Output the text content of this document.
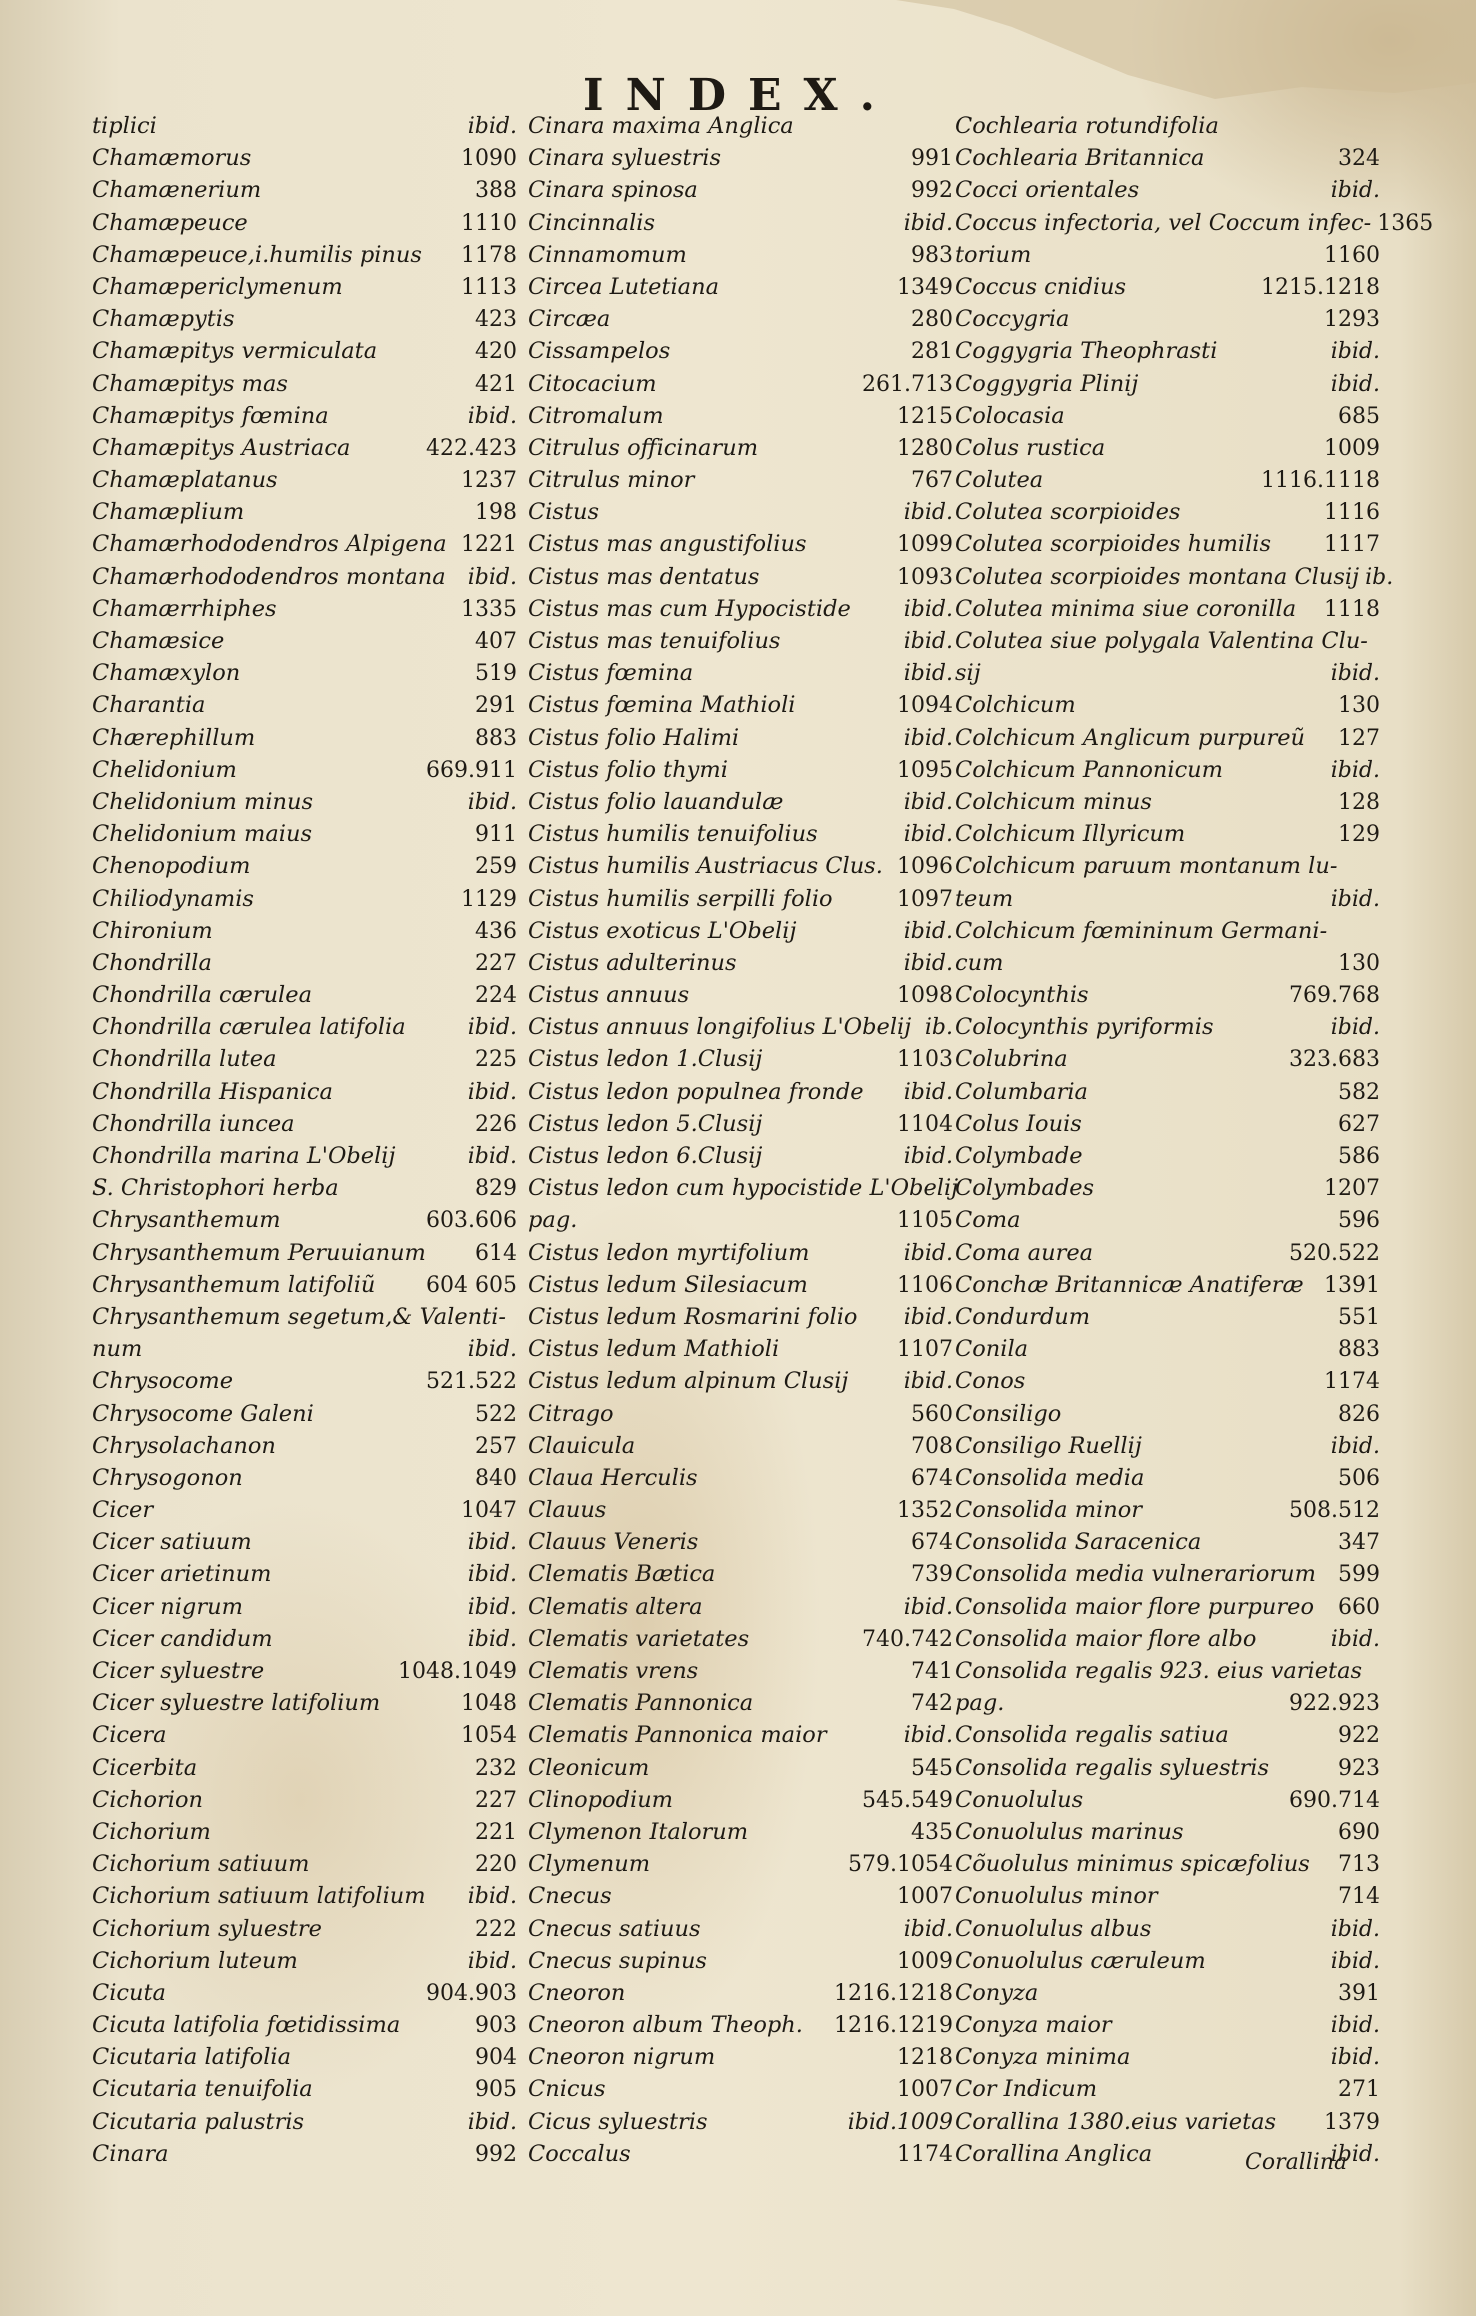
INDEX.
tiplici	ibid.
Chamæmorus	1090
Chamænerium	388
Chamæpeuce	1110
Chamæpeuce,i.humilis pinus 1178
Chamæpericlymenum	1113
Chamæpytis	423
Chamæpitys vermiculata	420
Chamæpitys mas	421
Chamæpitys fœmina	ibid.
Chamæpitys Austriaca	422.423
Chamæplatanus	1237
Chamæplium	198
Chamærhododendros Alpigena 1221
Chamærhododendros montana ibid.
Chamærrhiphes	1335
Chamæsice	407
Chamæxylon	519
Charantia	291
Chærephillum	883
Chelidonium	669.911
Chelidonium minus	ibid.
Chelidonium maius	911
Chenopodium	259
Chiliodynamis	1129
Chironium	436
Chondrilla	227
Chondrilla cærulea	224
Chondrilla cærulea latifolia	ibid.
Chondrilla lutea	225
Chondrilla Hispanica	ibid.
Chondrilla iuncea	226
Chondrilla marina L'Obelij	ibid.
S. Christophori herba	829
Chrysanthemum	603.606
Chrysanthemum Peruuianum 614
Chrysanthemum latifoliũ 604 605
Chrysanthemum segetum,& Valenti-
num	ibid.
Chrysocome	521.522
Chrysocome Galeni	522
Chrysolachanon	257
Chrysogonon	840
Cicer	1047
Cicer satiuum	ibid.
Cicer arietinum	ibid.
Cicer nigrum	ibid.
Cicer candidum	ibid.
Cicer syluestre	1048.1049
Cicer syluestre latifolium	1048
Cicera	1054
Cicerbita	232
Cichorion	227
Cichorium	221
Cichorium satiuum	220
Cichorium satiuum latifolium ibid.
Cichorium syluestre	222
Cichorium luteum	ibid.
Cicuta	904.903
Cicuta latifolia fœtidissima	903
Cicutaria latifolia	904
Cicutaria tenuifolia	905
Cicutaria palustris	ibid.
Cinara	992
Cinara maxima Anglica
Cinara syluestris	991
Cinara spinosa	992
Cincinnalis	ibid.
Cinnamomum	983
Circea Lutetiana	1349
Circæa	280
Cissampelos	281
Citocacium	261.713
Citromalum	1215
Citrulus officinarum	1280
Citrulus minor	767
Cistus	ibid.
Cistus mas angustifolius	1099
Cistus mas dentatus	1093
Cistus mas cum Hypocistide ibid.
Cistus mas tenuifolius	ibid.
Cistus fœmina	ibid.
Cistus fœmina Mathioli	1094
Cistus folio Halimi	ibid.
Cistus folio thymi	1095
Cistus folio lauandulæ	ibid.
Cistus humilis tenuifolius	ibid.
Cistus humilis Austriacus Clus. 1096
Cistus humilis serpilli folio	1097
Cistus exoticus L'Obelij	ibid.
Cistus adulterinus	ibid.
Cistus annuus	1098
Cistus annuus longifolius L'Obelij ib.
Cistus ledon 1.Clusij	1103
Cistus ledon populnea fronde ibid.
Cistus ledon 5.Clusij	1104
Cistus ledon 6.Clusij	ibid.
Cistus ledon cum hypocistide L'Obelij
pag.	1105
Cistus ledon myrtifolium	ibid.
Cistus ledum Silesiacum	1106
Cistus ledum Rosmarini folio ibid.
Cistus ledum Mathioli	1107
Cistus ledum alpinum Clusij	ibid.
Citrago	560
Clauicula	708
Claua Herculis	674
Clauus	1352
Clauus Veneris	674
Clematis Bætica	739
Clematis altera	ibid.
Clematis varietates	740.742
Clematis vrens	741
Clematis Pannonica	742
Clematis Pannonica maior	ibid.
Cleonicum	545
Clinopodium	545.549
Clymenon Italorum	435
Clymenum	579.1054
Cnecus	1007
Cnecus satiuus	ibid.
Cnecus supinus	1009
Cneoron	1216.1218
Cneoron album Theoph. 1216.1219
Cneoron nigrum	1218
Cnicus	1007
Cicus syluestris	ibid.1009
Coccalus	1174
Cochlearia rotundifolia
Cochlearia Britannica	324
Cocci orientales	ibid.
Coccus infectoria, vel Coccum infec- 1365
torium	1160
Coccus cnidius	1215.1218
Coccygria	1293
Coggygria Theophrasti	ibid.
Coggygria Plinij	ibid.
Colocasia	685
Colus rustica	1009
Colutea	1116.1118
Colutea scorpioides	1116
Colutea scorpioides humilis 1117
Colutea scorpioides montana Clusij ib.
Colutea minima siue coronilla 1118
Colutea siue polygala Valentina Clu-
sij	ibid.
Colchicum	130
Colchicum Anglicum purpureũ 127
Colchicum Pannonicum	ibid.
Colchicum minus	128
Colchicum Illyricum	129
Colchicum paruum montanum lu-
teum	ibid.
Colchicum fœmininum Germani-
cum	130
Colocynthis	769.768
Colocynthis pyriformis	ibid.
Colubrina	323.683
Columbaria	582
Colus Iouis	627
Colymbade	586
Colymbades	1207
Coma	596
Coma aurea	520.522
Conchæ Britannicæ Anatiferæ 1391
Condurdum	551
Conila	883
Conos	1174
Consiligo	826
Consiligo Ruellij	ibid.
Consolida media	506
Consolida minor	508.512
Consolida Saracenica	347
Consolida media vulnerariorum 599
Consolida maior flore purpureo 660
Consolida maior flore albo	ibid.
Consolida regalis 923. eius varietas
pag.	922.923
Consolida regalis satiua	922
Consolida regalis syluestris	923
Conuolulus	690.714
Conuolulus marinus	690
Cõuolulus minimus spicæfolius 713
Conuolulus minor	714
Conuolulus albus	ibid.
Conuolulus cæruleum	ibid.
Conyza	391
Conyza maior	ibid.
Conyza minima	ibid.
Cor Indicum	271
Corallina 1380.eius varietas 1379
Corallina Anglica	ibid.
Corallina
